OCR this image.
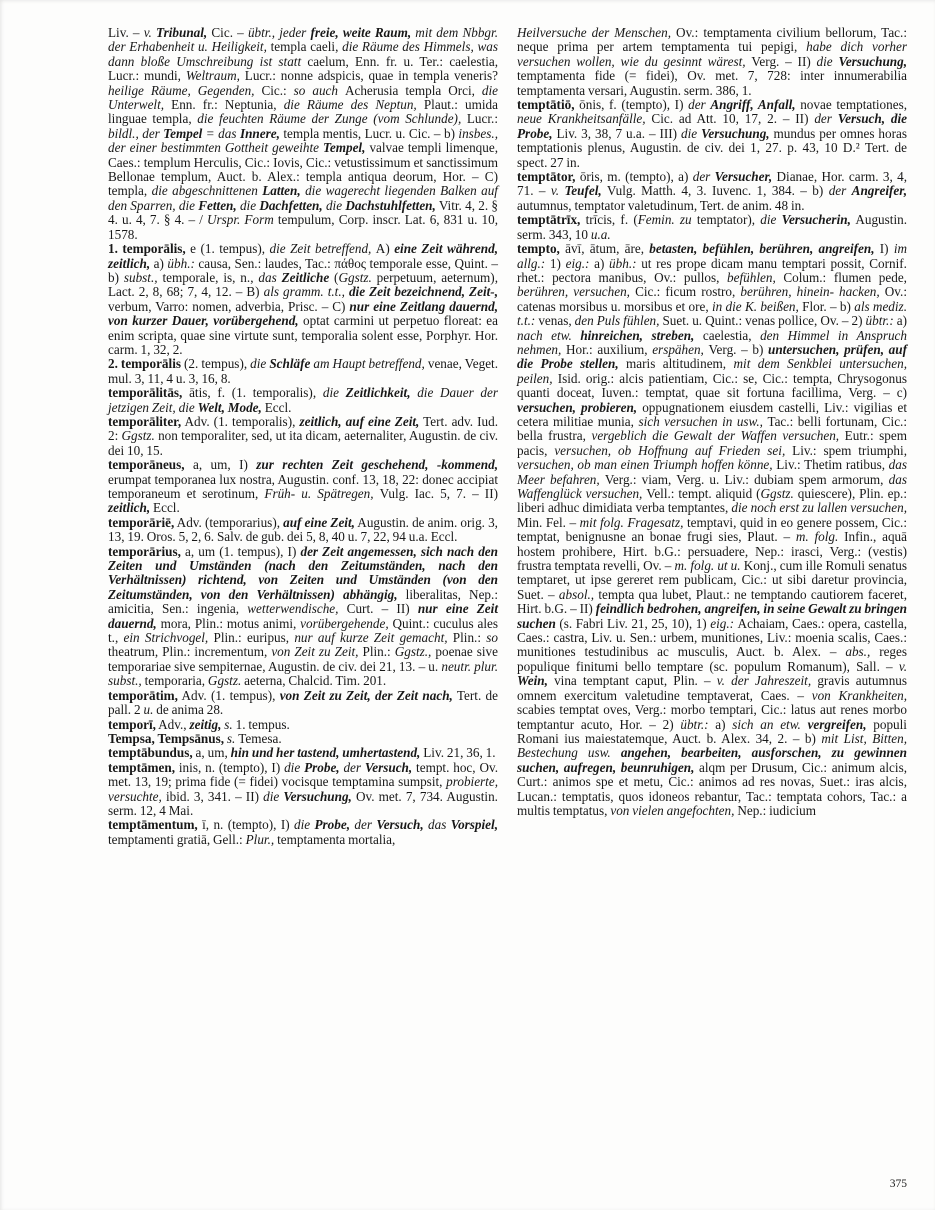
Liv. – v. Tribunal, Cic. – übtr., jeder freie, weite Raum, mit dem Nbbgr. der Erhabenheit u. Heiligkeit, templa caeli, die Räume des Himmels, was dann bloße Umschreibung ist statt caelum, Enn. fr. u. Ter.: caelestia, Lucr.: mundi, Weltraum, Lucr.: nonne adspicis, quae in templa veneris? heilige Räume, Gegenden, Cic.: so auch Acherusia templa Orci, die Unterwelt, Enn. fr.: Neptunia, die Räume des Neptun, Plaut.: umida linguae templa, die feuchten Räume der Zunge (vom Schlunde), Lucr.: bildl., der Tempel = das Innere, templa mentis, Lucr. u. Cic. – b) insbes., der einer bestimmten Gottheit geweihte Tempel, valvae templi limenque, Caes.: templum Herculis, Cic.: Iovis, Cic.: vetustissimum et sanctissimum Bellonae templum, Auct. b. Alex.: templa antiqua deorum, Hor. – C) templa, die abgeschnittenen Latten, die wagerecht liegenden Balken auf den Sparren, die Fetten, die Dachfetten, die Dachstuhlfetten, Vitr. 4, 2. § 4. u. 4, 7. § 4. – / Urspr. Form tempulum, Corp. inscr. Lat. 6, 831 u. 10, 1578.

1. temporālis, e (1. tempus), die Zeit betreffend, A) eine Zeit während, zeitlich, a) übh.: causa, Sen.: laudes, Tac.: πάθος temporale esse, Quint. – b) subst., temporale, is, n., das Zeitliche (Ggstz. perpetuum, aeternum), Lact. 2, 8, 68; 7, 4, 12. – B) als gramm. t.t., die Zeit bezeichnend, Zeit-, verbum, Varro: nomen, adverbia, Prisc. – C) nur eine Zeitlang dauernd, von kurzer Dauer, vorübergehend, optat carmini ut perpetuo floreat: ea enim scripta, quae sine virtute sunt, temporalia solent esse, Porphyr. Hor. carm. 1, 32, 2.

2. temporālis (2. tempus), die Schläfe am Haupt betreffend, venae, Veget. mul. 3, 11, 4 u. 3, 16, 8.

temporālitās, ātis, f. (1. temporalis), die Zeitlichkeit, die Dauer der jetzigen Zeit, die Welt, Mode, Eccl.

temporāliter, Adv. (1. temporalis), zeitlich, auf eine Zeit, Tert. adv. Iud. 2: Ggstz. non temporaliter, sed, ut ita dicam, aeternaliter, Augustin. de civ. dei 10, 15.

temporāneus, a, um, I) zur rechten Zeit geschehend, -kommend, erumpat temporanea lux nostra, Augustin. conf. 13, 18, 22: donec accipiat temporaneum et serotinum, Früh- u. Spätregen, Vulg. Iac. 5, 7. – II) zeitlich, Eccl.

temporāriē, Adv. (temporarius), auf eine Zeit, Augustin. de anim. orig. 3, 13, 19. Oros. 5, 2, 6. Salv. de gub. dei 5, 8, 40 u. 7, 22, 94 u.a. Eccl.

temporārius, a, um (1. tempus), I) der Zeit angemessen, sich nach den Zeiten und Umständen (nach den Zeitumständen, nach den Verhältnissen) richtend, von Zeiten und Umständen (von den Zeitumständen, von den Verhältnissen) abhängig, liberalitas, Nep.: amicitia, Sen.: ingenia, wetterwendische, Curt. – II) nur eine Zeit dauernd, mora, Plin.: motus animi, vorübergehende, Quint.: cuculus ales t., ein Strichvogel, Plin.: euripus, nur auf kurze Zeit gemacht, Plin.: so theatrum, Plin.: incrementum, von Zeit zu Zeit, Plin.: Ggstz., poenae sive temporariae sive sempiternae, Augustin. de civ. dei 21, 13. – u. neutr. plur. subst., temporaria, Ggstz. aeterna, Chalcid. Tim. 201.

temporātim, Adv. (1. tempus), von Zeit zu Zeit, der Zeit nach, Tert. de pall. 2 u. de anima 28.

temporī, Adv., zeitig, s. 1. tempus.

Tempsa, Tempsānus, s. Temesa.

temptābundus, a, um, hin und her tastend, umhertastend, Liv. 21, 36, 1.

temptāmen, inis, n. (tempto), I) die Probe, der Versuch, tempt. hoc, Ov. met. 13, 19; prima fide (= fidei) vocisque temptamina sumpsit, probierte, versuchte, ibid. 3, 341. – II) die Versuchung, Ov. met. 7, 734. Augustin. serm. 12, 4 Mai.

temptāmentum, ī, n. (tempto), I) die Probe, der Versuch, das Vorspiel, temptamenti gratiā, Gell.: Plur., temptamenta mortalia,

Heilversuche der Menschen, Ov.: temptamenta civilium bellorum, Tac.: neque prima per artem temptamenta tui pepigi, habe dich vorher versuchen wollen, wie du gesinnt wärest, Verg. – II) die Versuchung, temptamenta fide (= fidei), Ov. met. 7, 728: inter innumerabilia temptamenta versari, Augustin. serm. 386, 1.

temptātiō, ōnis, f. (tempto), I) der Angriff, Anfall, novae temptationes, neue Krankheitsanfälle, Cic. ad Att. 10, 17, 2. – II) der Versuch, die Probe, Liv. 3, 38, 7 u.a. – III) die Versuchung, mundus per omnes horas temptationis plenus, Augustin. de civ. dei 1, 27. p. 43, 10 D.² Tert. de spect. 27 in.

temptātor, ōris, m. (tempto), a) der Versucher, Dianae, Hor. carm. 3, 4, 71. – v. Teufel, Vulg. Matth. 4, 3. Iuvenc. 1, 384. – b) der Angreifer, autumnus, temptator valetudinum, Tert. de anim. 48 in.

temptātrīx, trīcis, f. (Femin. zu temptator), die Versucherin, Augustin. serm. 343, 10 u.a.

tempto, āvī, ātum, āre, betasten, befühlen, berühren, angreifen, I) im allg.: 1) eig.: a) übh.: ut res prope dicam manu temptari possit, Cornif. rhet.: pectora manibus, Ov.: pullos, befühlen, Colum.: flumen pede, berühren, versuchen, Cic.: ficum rostro, berühren, hinein- hacken, Ov.: catenas morsibus u. morsibus et ore, in die K. beißen, Flor. – b) als mediz. t.t.: venas, den Puls fühlen, Suet. u. Quint.: venas pollice, Ov. – 2) übtr.: a) nach etw. hinreichen, streben, caelestia, den Himmel in Anspruch nehmen, Hor.: auxilium, erspähen, Verg. – b) untersuchen, prüfen, auf die Probe stellen, maris altitudinem, mit dem Senkblei untersuchen, peilen, Isid. orig.: alcis patientiam, Cic.: se, Cic.: tempta, Chrysogonus quanti doceat, Iuven.: temptat, quae sit fortuna facillima, Verg. – c) versuchen, probieren, oppugnationem eiusdem castelli, Liv.: vigilias et cetera militiae munia, sich versuchen in usw., Tac.: belli fortunam, Cic.: bella frustra, vergeblich die Gewalt der Waffen versuchen, Eutr.: spem pacis, versuchen, ob Hoffnung auf Frieden sei, Liv.: spem triumphi, versuchen, ob man einen Triumph hoffen könne, Liv.: Thetim ratibus, das Meer befahren, Verg.: viam, Verg. u. Liv.: dubiam spem armorum, das Waffenglück versuchen, Vell.: tempt. aliquid (Ggstz. quiescere), Plin. ep.: liberi adhuc dimidiata verba temptantes, die noch erst zu lallen versuchen, Min. Fel. – mit folg. Fragesatz, temptavi, quid in eo genere possem, Cic.: temptat, benignusne an bonae frugi sies, Plaut. – m. folg. Infin., aquā hostem prohibere, Hirt. b.G.: persuadere, Nep.: irasci, Verg.: (vestis) frustra temptata revelli, Ov. – m. folg. ut u. Konj., cum ille Romuli senatus temptaret, ut ipse gereret rem publicam, Cic.: ut sibi daretur provincia, Suet. – absol., tempta qua lubet, Plaut.: ne temptando cautiorem faceret, Hirt. b.G. – II) feindlich bedrohen, angreifen, in seine Gewalt zu bringen suchen (s. Fabri Liv. 21, 25, 10), 1) eig.: Achaiam, Caes.: opera, castella, Caes.: castra, Liv. u. Sen.: urbem, munitiones, Liv.: moenia scalis, Caes.: munitiones testudinibus ac musculis, Auct. b. Alex. – abs., reges populique finitumi bello temptare (sc. populum Romanum), Sall. – v. Wein, vina temptant caput, Plin. – v. der Jahreszeit, gravis autumnus omnem exercitum valetudine temptaverat, Caes. – von Krankheiten, scabies temptat oves, Verg.: morbo temptari, Cic.: latus aut renes morbo temptantur acuto, Hor. – 2) übtr.: a) sich an etw. vergreifen, populi Romani ius maiestatemque, Auct. b. Alex. 34, 2. – b) mit List, Bitten, Bestechung usw. angehen, bearbeiten, ausforschen, zu gewinnen suchen, aufregen, beunruhigen, alqm per Drusum, Cic.: animum alcis, Curt.: animos spe et metu, Cic.: animos ad res novas, Suet.: iras alcis, Lucan.: temptatis, quos idoneos rebantur, Tac.: temptata cohors, Tac.: a multis temptatus, von vielen angefochten, Nep.: iudicium

375
